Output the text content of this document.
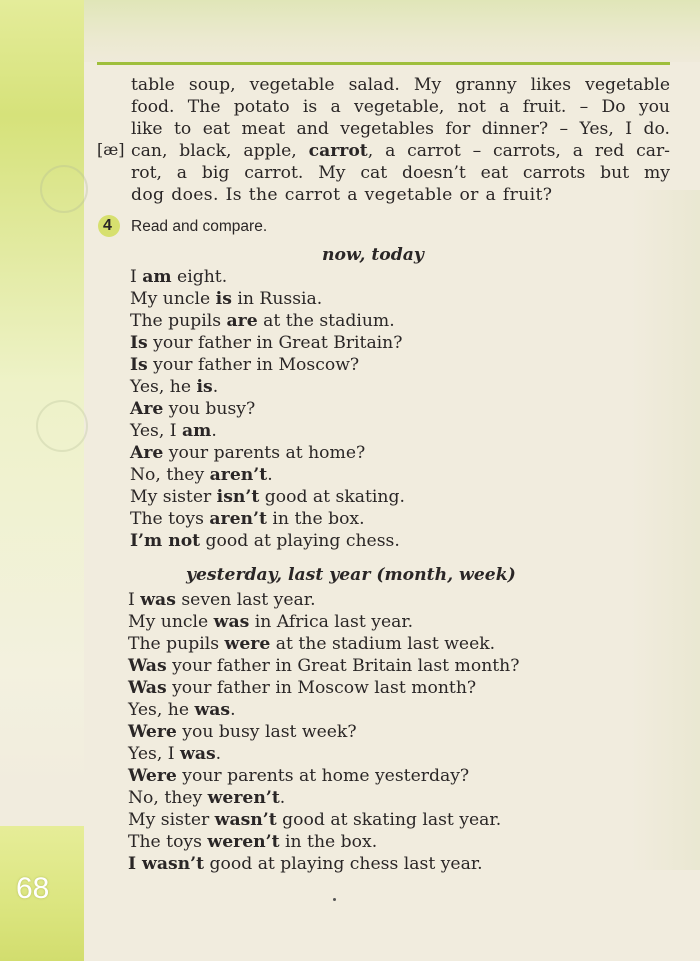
table soup, vegetable salad. My granny likes vegetable

food. The potato is a vegetable, not a fruit. – Do you

like to eat meat and vegetables for dinner? – Yes, I do.

[æ] can, black, apple, carrot, a carrot – carrots, a red car-

rot, a big carrot. My cat doesn’t eat carrots but my

dog does. Is the carrot a vegetable or a fruit?

4 Read and compare.

now, today

I am eight.

My uncle is in Russia.

The pupils are at the stadium.

Is your father in Great Britain?

Is your father in Moscow?

Yes, he is.

Are you busy?

Yes, I am.

Are your parents at home?

No, they aren’t.

My sister isn’t good at skating.

The toys aren’t in the box.

I’m not good at playing chess.

yesterday, last year (month, week)

I was seven last year.

My uncle was in Africa last year.

The pupils were at the stadium last week.

Was your father in Great Britain last month?

Was your father in Moscow last month?

Yes, he was.

Were you busy last week?

Yes, I was.

Were your parents at home yesterday?

No, they weren’t.

My sister wasn’t good at skating last year.

The toys weren’t in the box.

I wasn’t good at playing chess last year.

68
